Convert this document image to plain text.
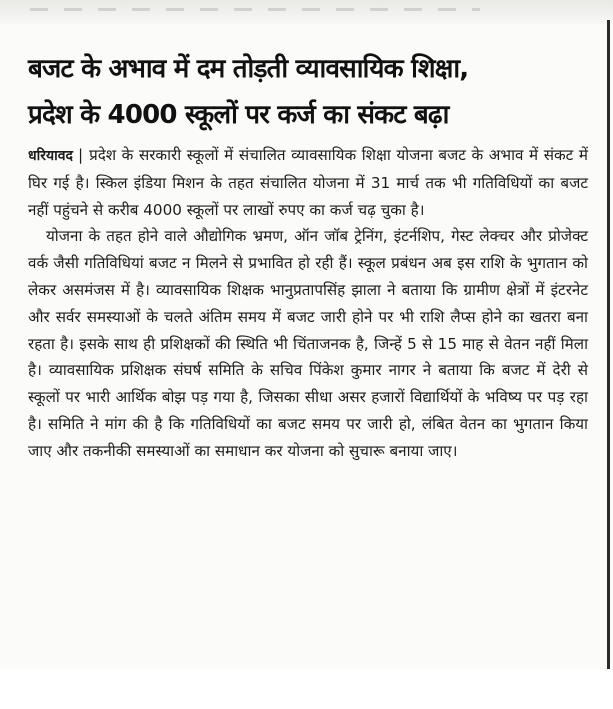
बजट के अभाव में दम तोड़ती व्यावसायिक शिक्षा,
प्रदेश के 4000 स्कूलों पर कर्ज का संकट बढ़ा

धरियावद | प्रदेश के सरकारी स्कूलों में संचालित व्यावसायिक शिक्षा योजना बजट के अभाव में संकट में घिर गई है। स्किल इंडिया मिशन के तहत संचालित योजना में 31 मार्च तक भी गतिविधियों का बजट नहीं पहुंचने से करीब 4000 स्कूलों पर लाखों रुपए का कर्ज चढ़ चुका है।

योजना के तहत होने वाले औद्योगिक भ्रमण, ऑन जॉब ट्रेनिंग, इंटर्नशिप, गेस्ट लेक्चर और प्रोजेक्ट वर्क जैसी गतिविधियां बजट न मिलने से प्रभावित हो रही हैं। स्कूल प्रबंधन अब इस राशि के भुगतान को लेकर असमंजस में है। व्यावसायिक शिक्षक भानुप्रतापसिंह झाला ने बताया कि ग्रामीण क्षेत्रों में इंटरनेट और सर्वर समस्याओं के चलते अंतिम समय में बजट जारी होने पर भी राशि लैप्स होने का खतरा बना रहता है। इसके साथ ही प्रशिक्षकों की स्थिति भी चिंताजनक है, जिन्हें 5 से 15 माह से वेतन नहीं मिला है। व्यावसायिक प्रशिक्षक संघर्ष समिति के सचिव पिंकेश कुमार नागर ने बताया कि बजट में देरी से स्कूलों पर भारी आर्थिक बोझ पड़ गया है, जिसका सीधा असर हजारों विद्यार्थियों के भविष्य पर पड़ रहा है। समिति ने मांग की है कि गतिविधियों का बजट समय पर जारी हो, लंबित वेतन का भुगतान किया जाए और तकनीकी समस्याओं का समाधान कर योजना को सुचारू बनाया जाए।
